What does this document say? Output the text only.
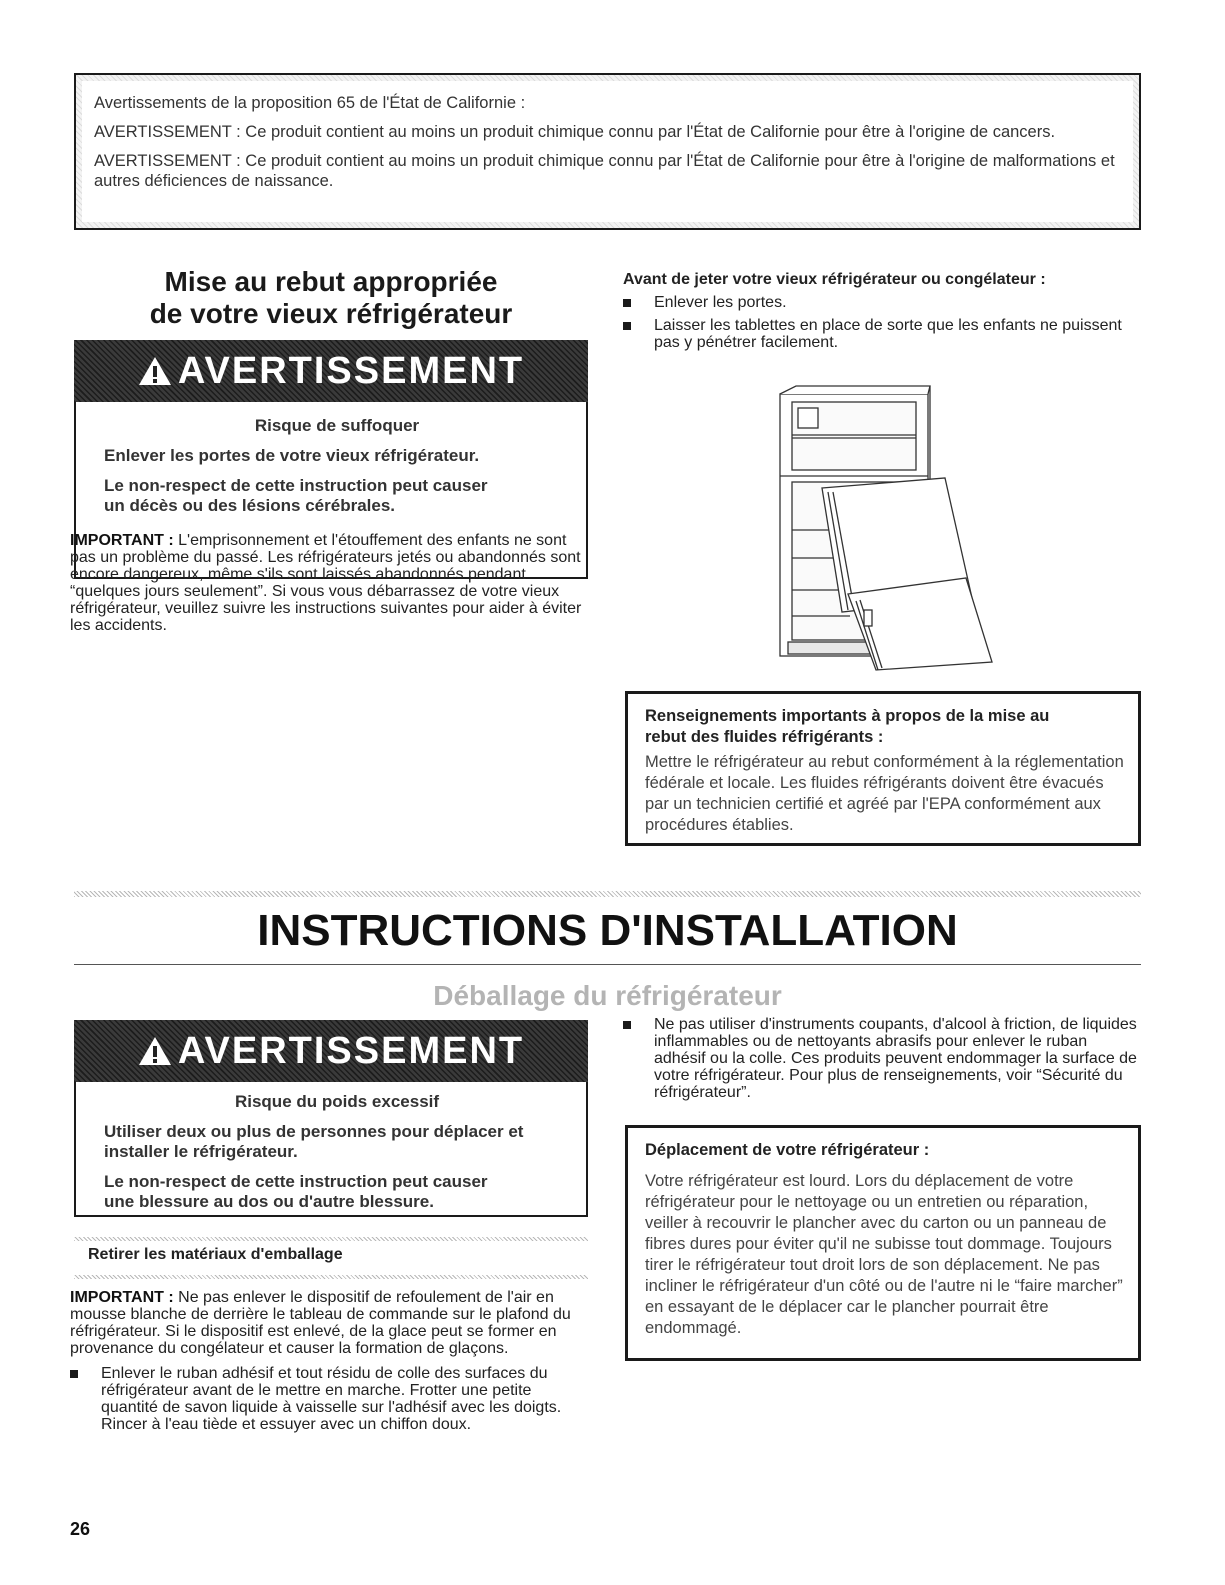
Avertissements de la proposition 65 de l'État de Californie :

AVERTISSEMENT : Ce produit contient au moins un produit chimique connu par l'État de Californie pour être à l'origine de cancers.

AVERTISSEMENT : Ce produit contient au moins un produit chimique connu par l'État de Californie pour être à l'origine de malformations et autres déficiences de naissance.

Mise au rebut appropriée
de votre vieux réfrigérateur
AVERTISSEMENT

Risque de suffoquer

Enlever les portes de votre vieux réfrigérateur.

Le non-respect de cette instruction peut causer

un décès ou des lésions cérébrales.

IMPORTANT : L'emprisonnement et l'étouffement des enfants ne sont pas un problème du passé. Les réfrigérateurs jetés ou abandonnés sont encore dangereux, même s'ils sont laissés abandonnés pendant “quelques jours seulement”. Si vous vous débarrassez de votre vieux réfrigérateur, veuillez suivre les instructions suivantes pour aider à éviter les accidents.
Avant de jeter votre vieux réfrigérateur ou congélateur :
Enlever les portes.
Laisser les tablettes en place de sorte que les enfants ne puissent pas y pénétrer facilement.

Renseignements importants à propos de la mise au

rebut des fluides réfrigérants :

Mettre le réfrigérateur au rebut conformément à la réglementation fédérale et locale. Les fluides réfrigérants doivent être évacués par un technicien certifié et agréé par l'EPA conformément aux procédures établies.

INSTRUCTIONS D'INSTALLATION
Déballage du réfrigérateur
AVERTISSEMENT

Risque du poids excessif

Utiliser deux ou plus de personnes pour déplacer et

installer le réfrigérateur.

Le non-respect de cette instruction peut causer

une blessure au dos ou d'autre blessure.

Retirer les matériaux d'emballage
IMPORTANT : Ne pas enlever le dispositif de refoulement de l'air en mousse blanche de derrière le tableau de commande sur le plafond du réfrigérateur. Si le dispositif est enlevé, de la glace peut se former en provenance du congélateur et causer la formation de glaçons.
Enlever le ruban adhésif et tout résidu de colle des surfaces du réfrigérateur avant de le mettre en marche. Frotter une petite quantité de savon liquide à vaisselle sur l'adhésif avec les doigts. Rincer à l'eau tiède et essuyer avec un chiffon doux.
Ne pas utiliser d'instruments coupants, d'alcool à friction, de liquides inflammables ou de nettoyants abrasifs pour enlever le ruban adhésif ou la colle. Ces produits peuvent endommager la surface de votre réfrigérateur. Pour plus de renseignements, voir “Sécurité du réfrigérateur”.

Déplacement de votre réfrigérateur :

Votre réfrigérateur est lourd. Lors du déplacement de votre réfrigérateur pour le nettoyage ou un entretien ou réparation, veiller à recouvrir le plancher avec du carton ou un panneau de fibres dures pour éviter qu'il ne subisse tout dommage. Toujours tirer le réfrigérateur tout droit lors de son déplacement. Ne pas incliner le réfrigérateur d'un côté ou de l'autre ni le “faire marcher” en essayant de le déplacer car le plancher pourrait être endommagé.

26
